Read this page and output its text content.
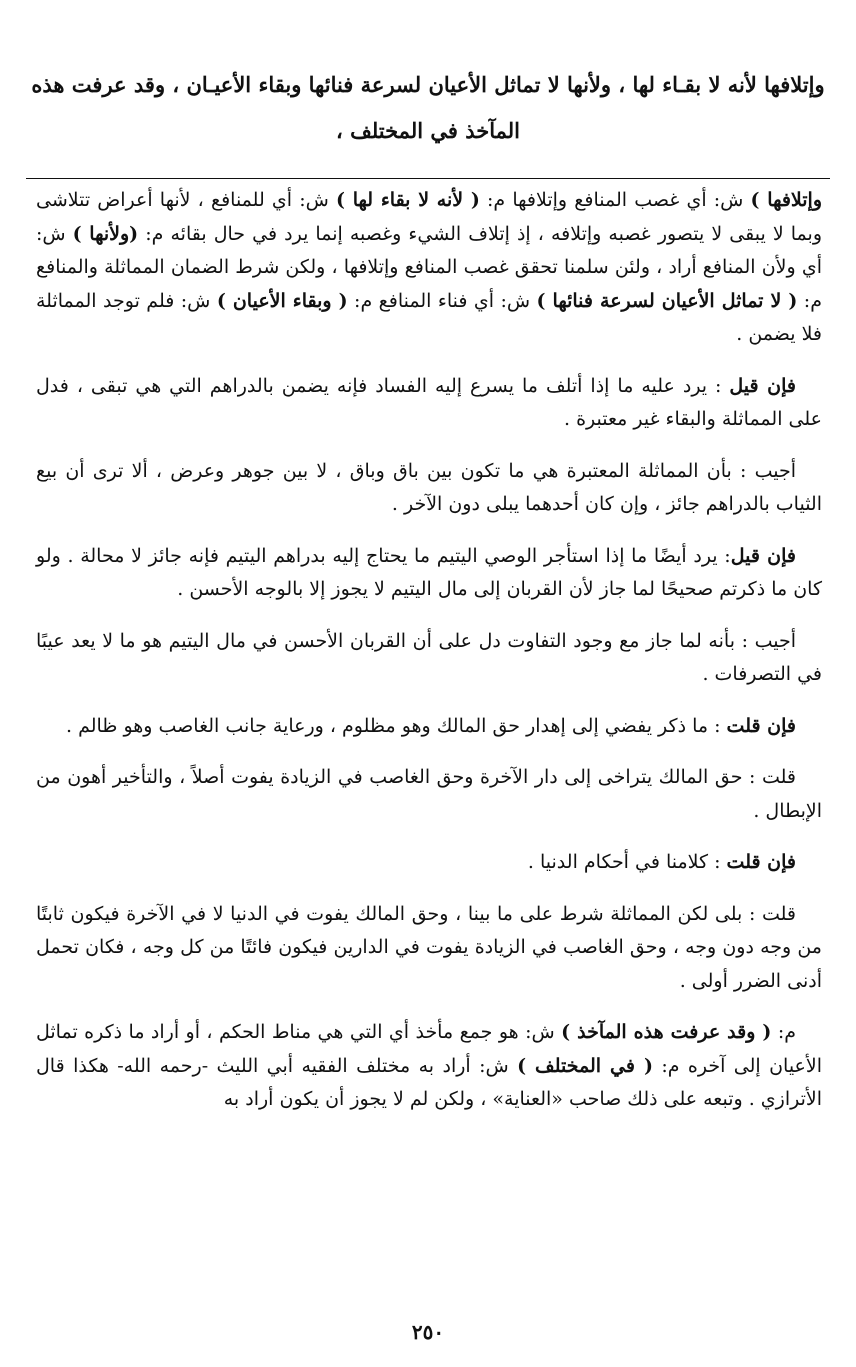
وإتلافها لأنه لا بقـاء لها ، ولأنها لا تماثل الأعيان لسرعة فنائها وبقاء الأعيـان ، وقد عرفت هذه

المآخذ في المختلف ،

وإتلافها ) ش: أي غصب المنافع وإتلافها م: ( لأنه لا بقاء لها ) ش: أي للمنافع ، لأنها أعراض تتلاشى وبما لا يبقى لا يتصور غصبه وإتلافه ، إذ إتلاف الشيء وغصبه إنما يرد في حال بقائه م: (ولأنها ) ش: أي ولأن المنافع أراد ، ولئن سلمنا تحقق غصب المنافع وإتلافها ، ولكن شرط الضمان المماثلة والمنافع م: ( لا تماثل الأعيان لسرعة فنائها ) ش: أي فناء المنافع م: ( وبقاء الأعيان ) ش: فلم توجد المماثلة فلا يضمن .

فإن قيل : يرد عليه ما إذا أتلف ما يسرع إليه الفساد فإنه يضمن بالدراهم التي هي تبقى ، فدل على المماثلة والبقاء غير معتبرة .

أجيب : بأن المماثلة المعتبرة هي ما تكون بين باق وباق ، لا بين جوهر وعرض ، ألا ترى أن بيع الثياب بالدراهم جائز ، وإن كان أحدهما يبلى دون الآخر .

فإن قيل: يرد أيضًا ما إذا استأجر الوصي اليتيم ما يحتاج إليه بدراهم اليتيم فإنه جائز لا محالة . ولو كان ما ذكرتم صحيحًا لما جاز لأن القربان إلى مال اليتيم لا يجوز إلا بالوجه الأحسن .

أجيب : بأنه لما جاز مع وجود التفاوت دل على أن القربان الأحسن في مال اليتيم هو ما لا يعد عيبًا في التصرفات .

فإن قلت : ما ذكر يفضي إلى إهدار حق المالك وهو مظلوم ، ورعاية جانب الغاصب وهو ظالم .

قلت : حق المالك يتراخى إلى دار الآخرة وحق الغاصب في الزيادة يفوت أصلاً ، والتأخير أهون من الإبطال .

فإن قلت : كلامنا في أحكام الدنيا .

قلت : بلى لكن المماثلة شرط على ما بينا ، وحق المالك يفوت في الدنيا لا في الآخرة فيكون ثابتًا من وجه دون وجه ، وحق الغاصب في الزيادة يفوت في الدارين فيكون فائتًا من كل وجه ، فكان تحمل أدنى الضرر أولى .

م: ( وقد عرفت هذه المآخذ ) ش: هو جمع مأخذ أي التي هي مناط الحكم ، أو أراد ما ذكره تماثل الأعيان إلى آخره م: ( في المختلف ) ش: أراد به مختلف الفقيه أبي الليث -رحمه الله- هكذا قال الأترازي . وتبعه على ذلك صاحب «العناية» ، ولكن لم لا يجوز أن يكون أراد به

٢٥٠
